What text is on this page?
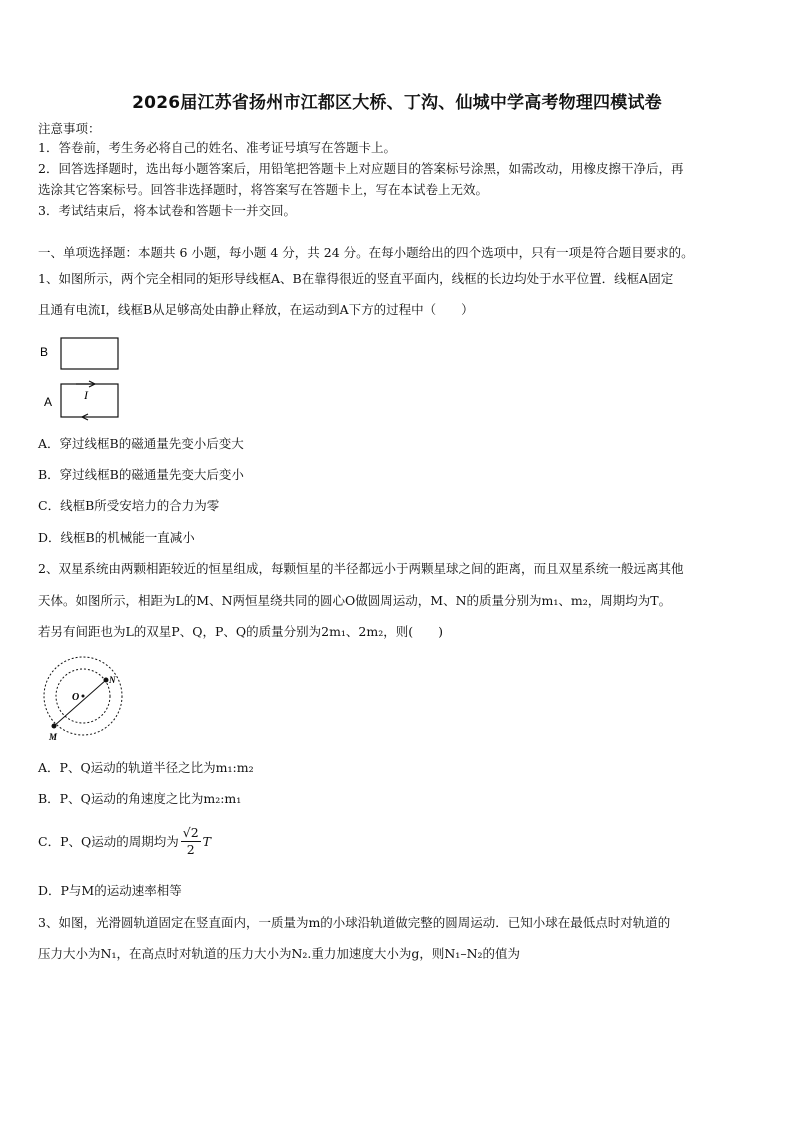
2026届江苏省扬州市江都区大桥、丁沟、仙城中学高考物理四模试卷
注意事项：
1．答卷前，考生务必将自己的姓名、准考证号填写在答题卡上。
2．回答选择题时，选出每小题答案后，用铅笔把答题卡上对应题目的答案标号涂黑，如需改动，用橡皮擦干净后，再
选涂其它答案标号。回答非选择题时，将答案写在答题卡上，写在本试卷上无效。
3．考试结束后，将本试卷和答题卡一并交回。
一、单项选择题：本题共 6 小题，每小题 4 分，共 24 分。在每小题给出的四个选项中，只有一项是符合题目要求的。
1、如图所示，两个完全相同的矩形导线框A、B在靠得很近的竖直平面内，线框的长边均处于水平位置．线框A固定
且通有电流I，线框B从足够高处由静止释放，在运动到A下方的过程中（　　）
B
A	I
A．穿过线框B的磁通量先变小后变大
B．穿过线框B的磁通量先变大后变小
C．线框B所受安培力的合力为零
D．线框B的机械能一直减小
2、双星系统由两颗相距较近的恒星组成，每颗恒星的半径都远小于两颗星球之间的距离，而且双星系统一般远离其他
天体。如图所示，相距为L的M、N两恒星绕共同的圆心O做圆周运动，M、N的质量分别为m₁、m₂，周期均为T。
若另有间距也为L的双星P、Q，P、Q的质量分别为2m₁、2m₂，则(　　)
O
N
M
A．P、Q运动的轨道半径之比为m₁:m₂
B．P、Q运动的角速度之比为m₂:m₁
C．P、Q运动的周期均为 $\frac{√2}{2}$ T
D．P与M的运动速率相等
3、如图，光滑圆轨道固定在竖直面内，一质量为m的小球沿轨道做完整的圆周运动．已知小球在最低点时对轨道的
压力大小为N₁，在高点时对轨道的压力大小为N₂.重力加速度大小为g，则N₁–N₂的值为
